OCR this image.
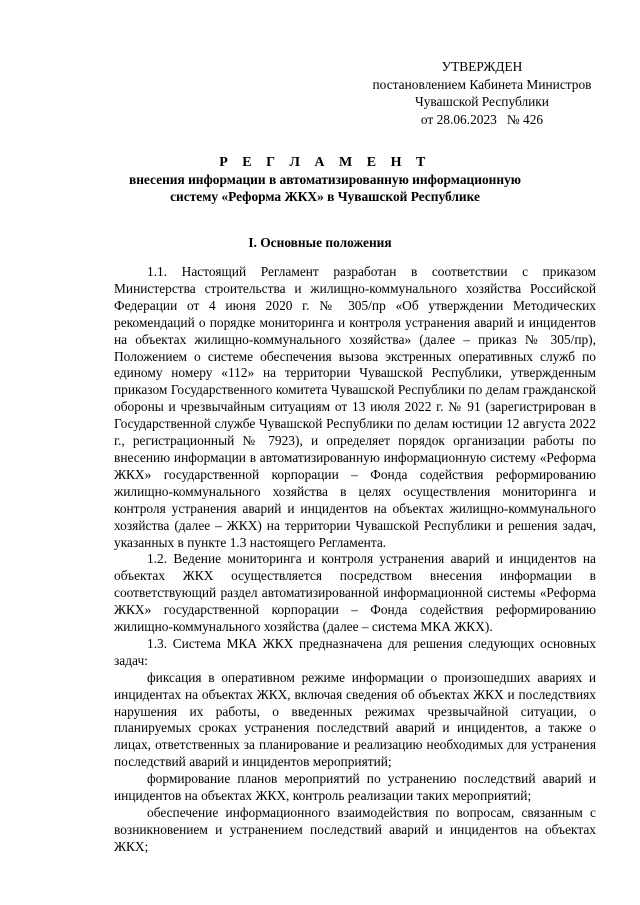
УТВЕРЖДЕН
постановлением Кабинета Министров
Чувашской Республики
от 28.06.2023   № 426
Р Е Г Л А М Е Н Т
внесения информации в автоматизированную информационную
систему «Реформа ЖКХ» в Чувашской Республике
I. Основные положения

1.1. Настоящий Регламент разработан в соответствии с приказом Министерства строительства и жилищно-коммунального хозяйства Российской Федерации от 4 июня 2020 г. № 305/пр «Об утверждении Методических рекомендаций о порядке мониторинга и контроля устранения аварий и инцидентов на объектах жилищно-коммунального хозяйства» (далее – приказ № 305/пр), Положением о системе обеспечения вызова экстренных оперативных служб по единому номеру «112» на территории Чувашской Республики, утвержденным приказом Государственного комитета Чувашской Республики по делам гражданской обороны и чрезвычайным ситуациям от 13 июля 2022 г. № 91 (зарегистрирован в Государственной службе Чувашской Республики по делам юстиции 12 августа 2022 г., регистрационный № 7923), и определяет порядок организации работы по внесению информации в автоматизированную информационную систему «Реформа ЖКХ» государственной корпорации – Фонда содействия реформированию жилищно-коммунального хозяйства в целях осуществления мониторинга и контроля устранения аварий и инцидентов на объектах жилищно-коммунального хозяйства (далее – ЖКХ) на территории Чувашской Республики и решения задач, указанных в пункте 1.3 настоящего Регламента.

1.2. Ведение мониторинга и контроля устранения аварий и инцидентов на объектах ЖКХ осуществляется посредством внесения информации в соответствующий раздел автоматизированной информационной системы «Реформа ЖКХ» государственной корпорации – Фонда содействия реформированию жилищно-коммунального хозяйства (далее – система МКА ЖКХ).

1.3. Система МКА ЖКХ предназначена для решения следующих основных задач:

фиксация в оперативном режиме информации о произошедших авариях и инцидентах на объектах ЖКХ, включая сведения об объектах ЖКХ и последствиях нарушения их работы, о введенных режимах чрезвычайной ситуации, о планируемых сроках устранения последствий аварий и инцидентов, а также о лицах, ответственных за планирование и реализацию необходимых для устранения последствий аварий и инцидентов мероприятий;

формирование планов мероприятий по устранению последствий аварий и инцидентов на объектах ЖКХ, контроль реализации таких мероприятий;

обеспечение информационного взаимодействия по вопросам, связанным с возникновением и устранением последствий аварий и инцидентов на объектах ЖКХ;
